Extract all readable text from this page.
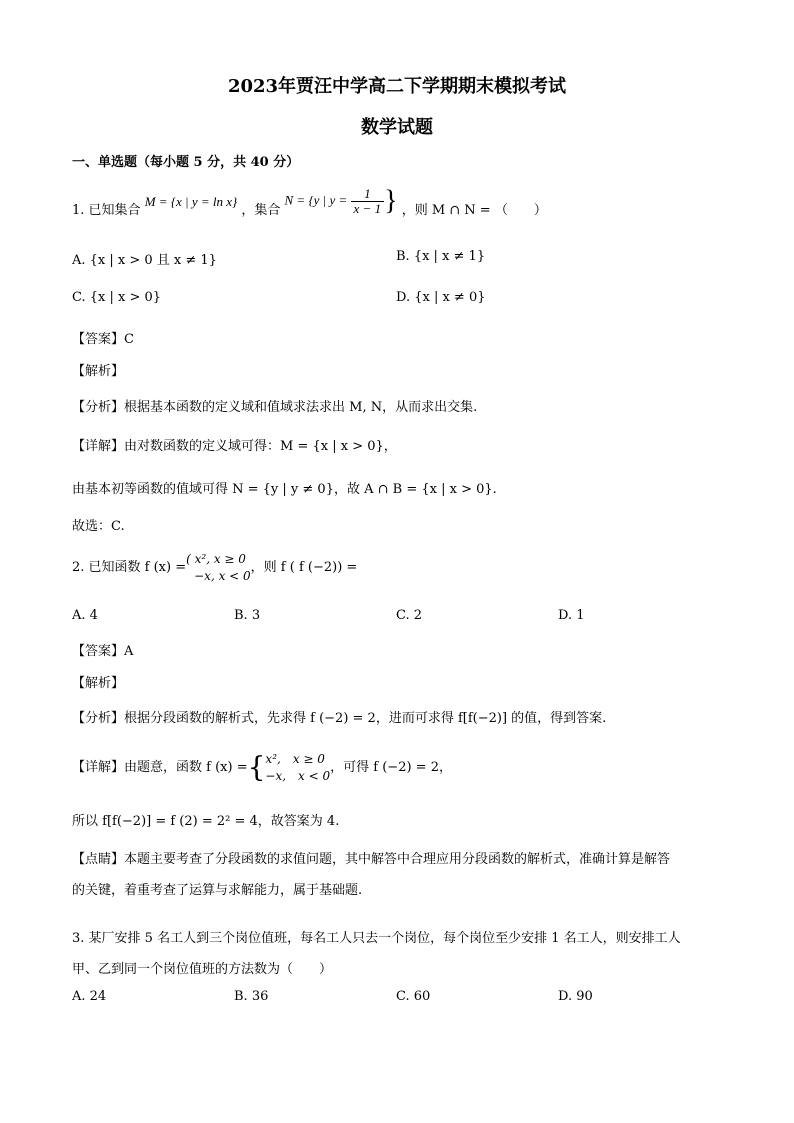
2023年贾汪中学高二下学期期末模拟考试
数学试题
一、单选题（每小题 5 分，共 40 分）
1. 已知集合 M = {x | y = ln x} ，集合 N = {y | $y = \frac{1}{x - 1}$ } ，则 M ∩ N = （　　）
A. {x | x > 0 且 x ≠ 1}	B. {x | x ≠ 1}
C. {x | x > 0}	D. {x | x ≠ 0}
【答案】C
【解析】
【分析】根据基本函数的定义域和值域求法求出 M, N，从而求出交集.
【详解】由对数函数的定义域可得：M = {x | x > 0}，
由基本初等函数的值域可得 N = {y | y ≠ 0}，故 A ∩ B = {x | x > 0}.
故选：C.
2. 已知函数 f (x) =
( x², x ≥ 0
−x, x < 0
，则 f ( f (−2)) =
A. 4	B. 3	C. 2	D. 1
【答案】A
【解析】
【分析】根据分段函数的解析式，先求得 f (−2) = 2，进而可求得 f[f(−2)] 的值，得到答案.
【详解】由题意，函数 f (x) ={ x²,　x ≥ 0
−x,　x < 0
，可得 f (−2) = 2，
所以 f[f(−2)] = f (2) = 2² = 4，故答案为 4.
【点睛】本题主要考查了分段函数的求值问题，其中解答中合理应用分段函数的解析式，准确计算是解答
的关键，着重考查了运算与求解能力，属于基础题.
3. 某厂安排 5 名工人到三个岗位值班，每名工人只去一个岗位，每个岗位至少安排 1 名工人，则安排工人
甲、乙到同一个岗位值班的方法数为（　　）
A. 24	B. 36	C. 60	D. 90
